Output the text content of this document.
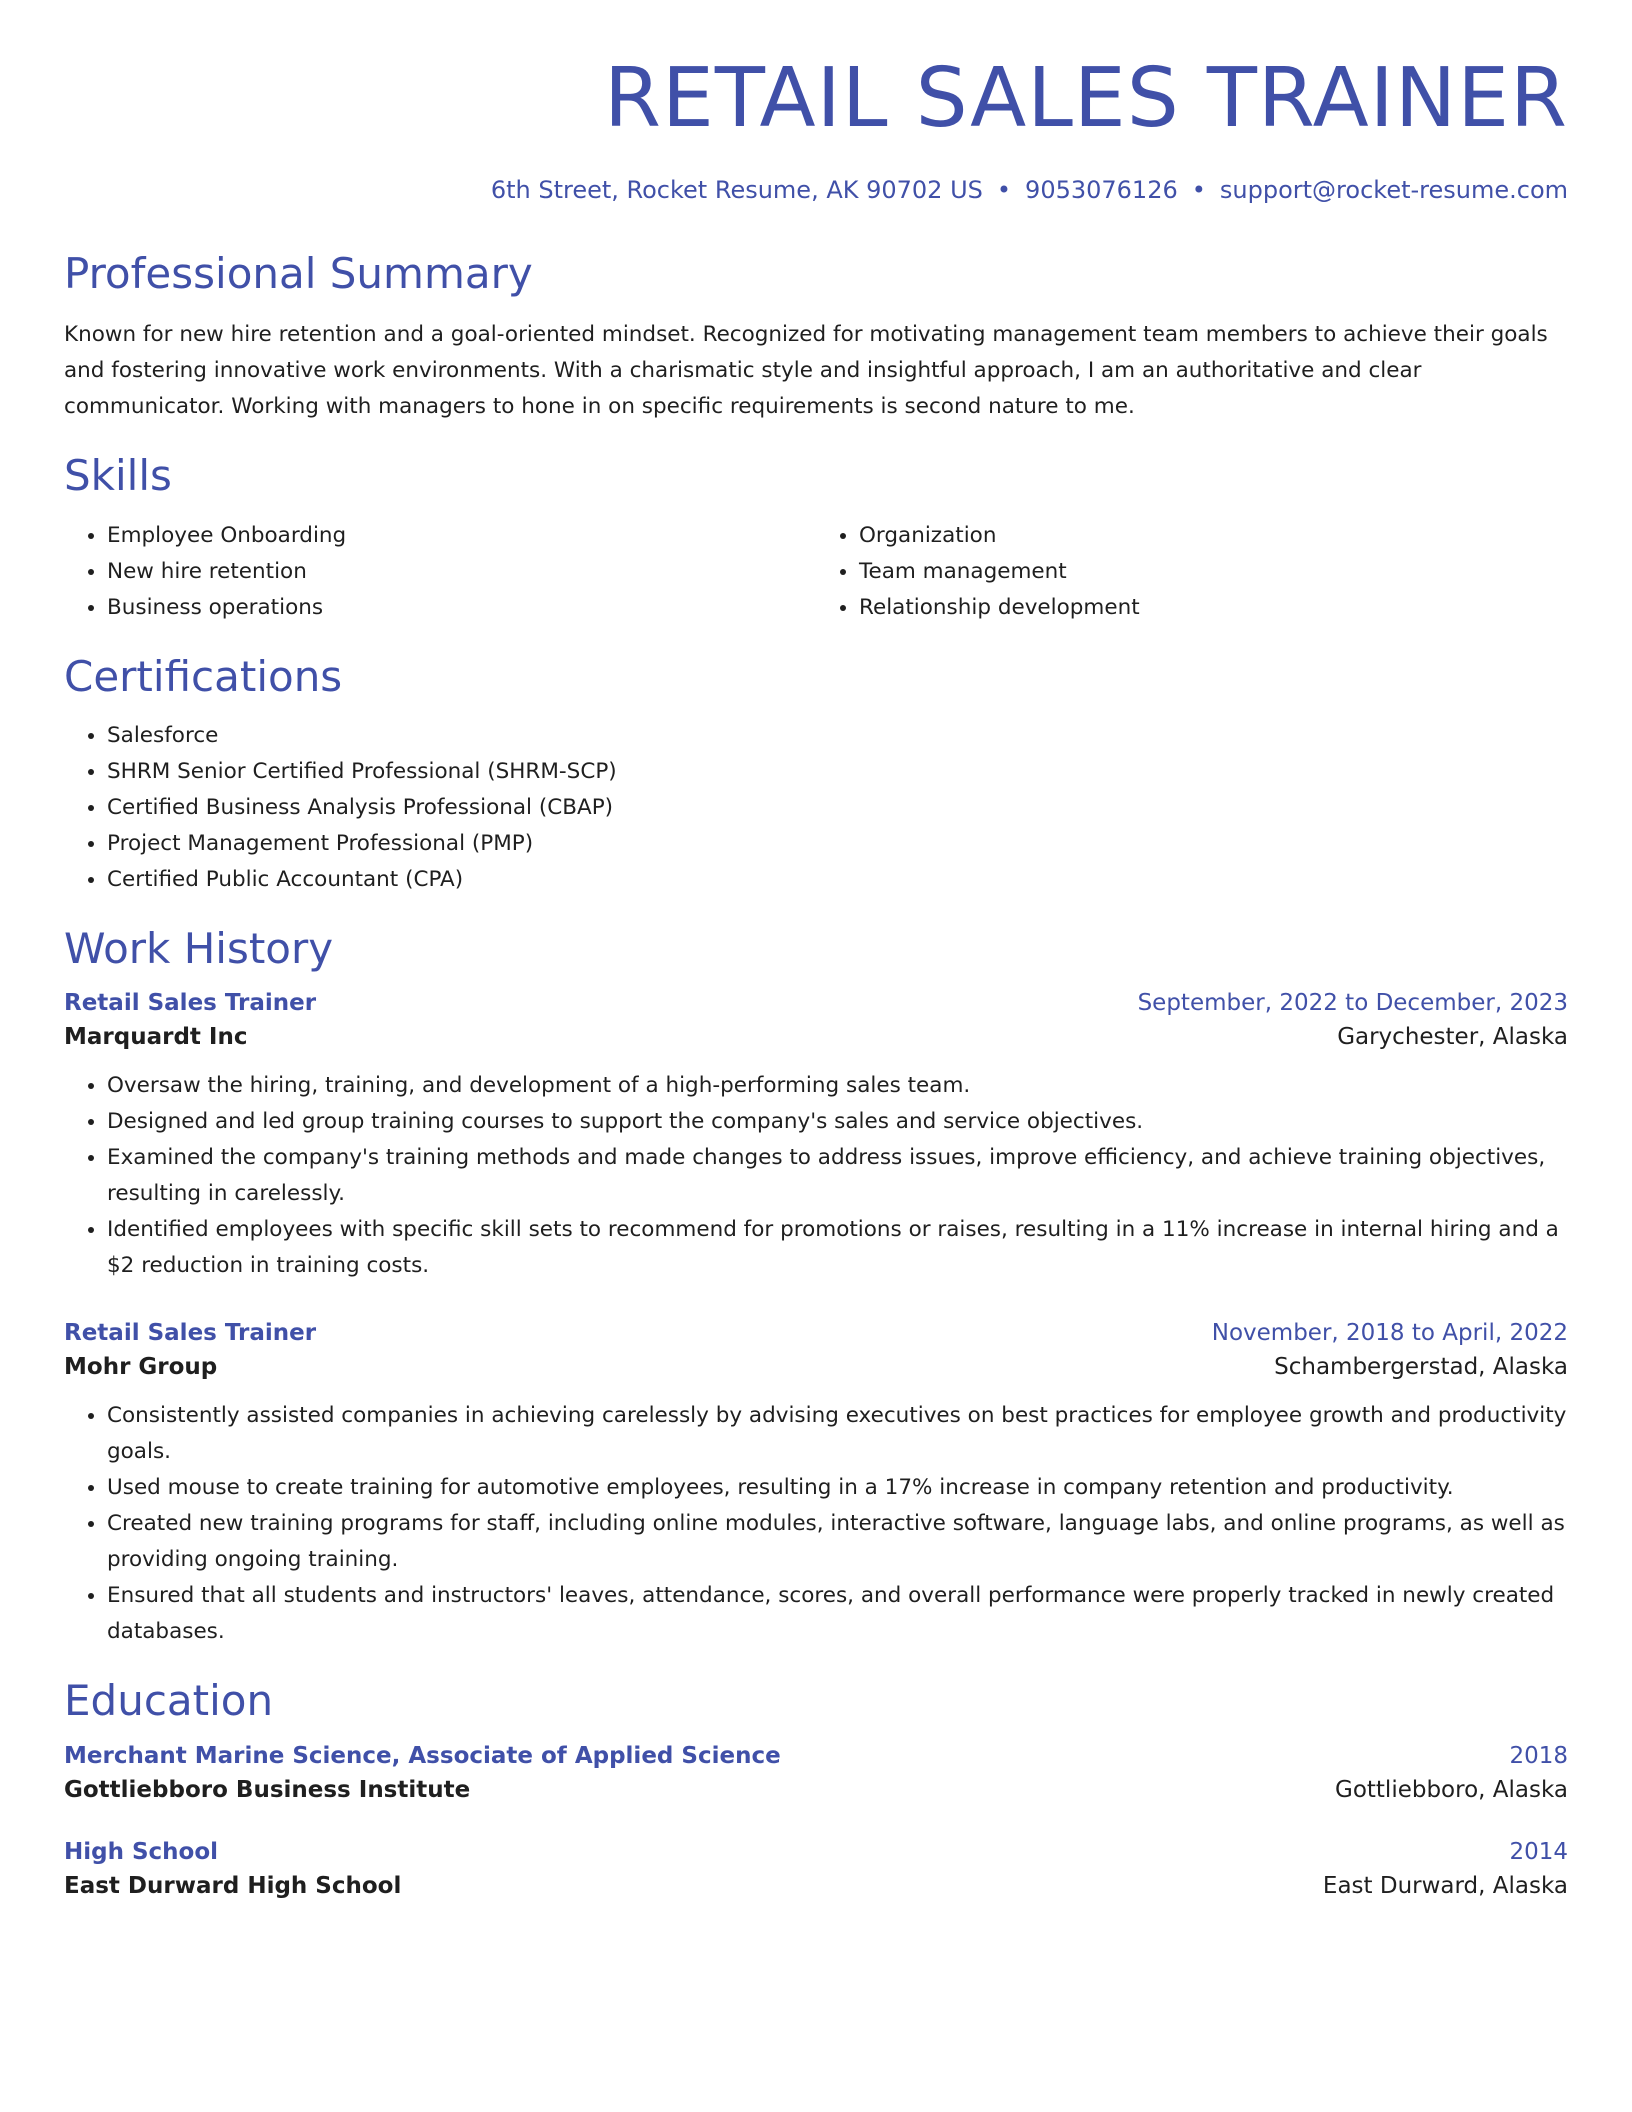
RETAIL SALES TRAINER
6th Street, Rocket Resume, AK 90702 US • 9053076126 • support@rocket-resume.com
Professional Summary

Known for new hire retention and a goal-oriented mindset. Recognized for motivating management team members to achieve their goals and fostering innovative work environments. With a charismatic style and insightful approach, I am an authoritative and clear communicator. Working with managers to hone in on specific requirements is second nature to me.

Skills
• Employee Onboarding
• New hire retention
• Business operations
• Organization
• Team management
• Relationship development
Certifications
• Salesforce
• SHRM Senior Certified Professional (SHRM-SCP)
• Certified Business Analysis Professional (CBAP)
• Project Management Professional (PMP)
• Certified Public Accountant (CPA)
Work History
Retail Sales Trainer	September, 2022 to December, 2023
Marquardt Inc	Garychester, Alaska
• Oversaw the hiring, training, and development of a high-performing sales team.
• Designed and led group training courses to support the company's sales and service objectives.
• Examined the company's training methods and made changes to address issues, improve efficiency, and achieve training objectives, resulting in carelessly.
• Identified employees with specific skill sets to recommend for promotions or raises, resulting in a 11% increase in internal hiring and a $2 reduction in training costs.
Retail Sales Trainer	November, 2018 to April, 2022
Mohr Group	Schambergerstad, Alaska
• Consistently assisted companies in achieving carelessly by advising executives on best practices for employee growth and productivity goals.
• Used mouse to create training for automotive employees, resulting in a 17% increase in company retention and productivity.
• Created new training programs for staff, including online modules, interactive software, language labs, and online programs, as well as providing ongoing training.
• Ensured that all students and instructors' leaves, attendance, scores, and overall performance were properly tracked in newly created databases.
Education
Merchant Marine Science, Associate of Applied Science	2018
Gottliebboro Business Institute	Gottliebboro, Alaska
High School	2014
East Durward High School	East Durward, Alaska
